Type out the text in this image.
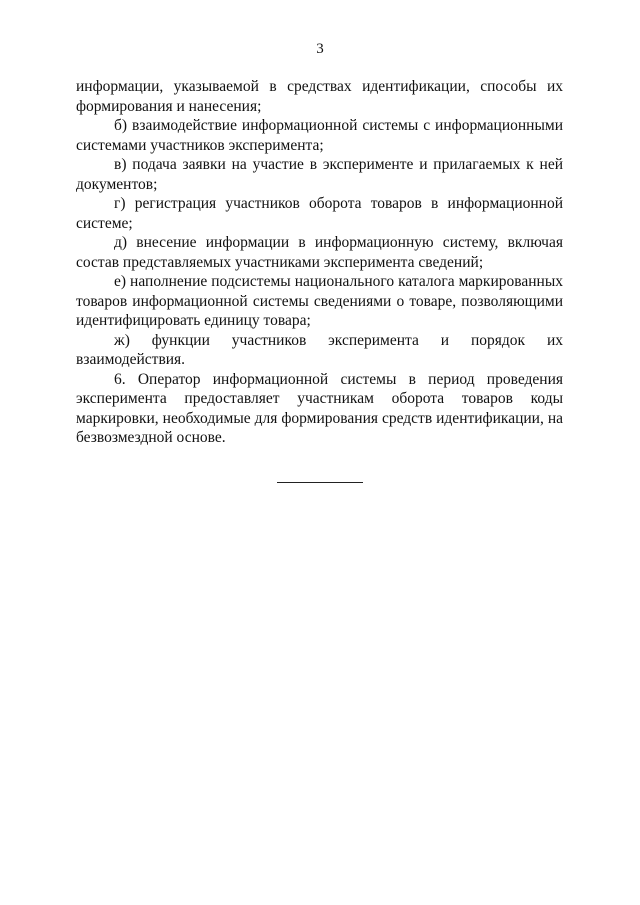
3

информации, указываемой в средствах идентификации, способы их формирования и нанесения;

б) взаимодействие информационной системы с информационными системами участников эксперимента;

в) подача заявки на участие в эксперименте и прилагаемых к ней документов;

г) регистрация участников оборота товаров в информационной системе;

д) внесение информации в информационную систему, включая состав представляемых участниками эксперимента сведений;

е) наполнение подсистемы национального каталога маркированных товаров информационной системы сведениями о товаре, позволяющими идентифицировать единицу товара;

ж) функции участников эксперимента и порядок их взаимодействия.

6. Оператор информационной системы в период проведения эксперимента предоставляет участникам оборота товаров коды маркировки, необходимые для формирования средств идентификации, на безвозмездной основе.
